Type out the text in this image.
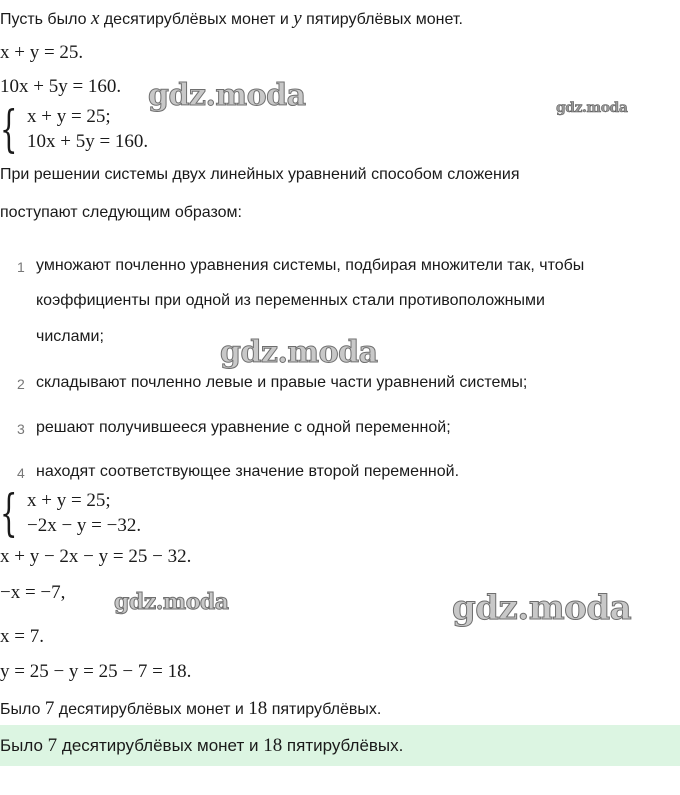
Пусть было x десятирублёвых монет и y пятирублёвых монет.
x + y = 25.
10x + 5y = 160.
{ x + y = 25;
10x + 5y = 160.
При решении системы двух линейных уравнений способом сложения
поступают следующим образом:
1 умножают почленно уравнения системы, подбирая множители так, чтобы
коэффициенты при одной из переменных стали противоположными
числами;
2 складывают почленно левые и правые части уравнений системы;
3 решают получившееся уравнение с одной переменной;
4 находят соответствующее значение второй переменной.
{ x + y = 25;
−2x − y = −32.
x + y − 2x − y = 25 − 32.
−x = −7,
x = 7.
y = 25 − y = 25 − 7 = 18.
Было 7 десятирублёвых монет и 18 пятирублёвых.
Было 7 десятирублёвых монет и 18 пятирублёвых.
gdz.moda	gdz.moda
gdz.moda
gdz.moda	gdz.moda
